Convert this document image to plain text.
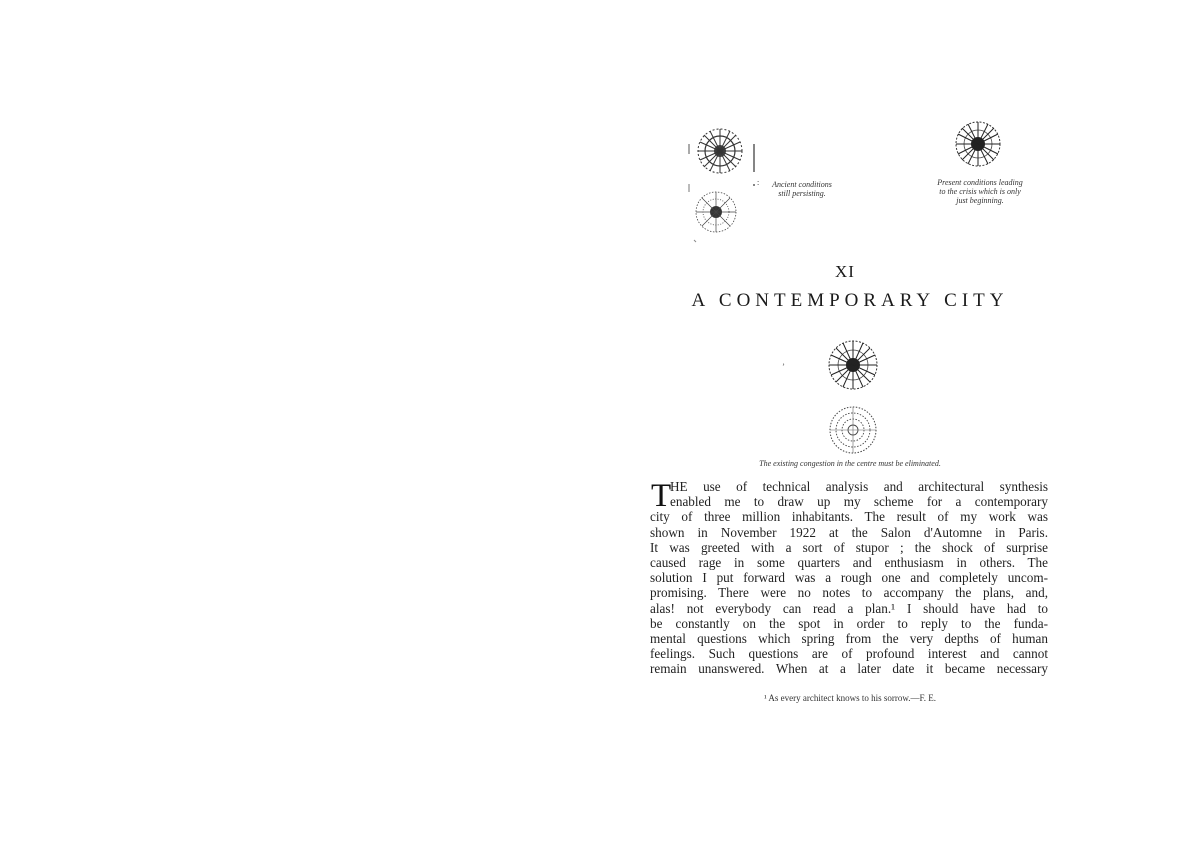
Ancient conditions
still persisting.
:	Present conditions leading
to the crisis which is only
just beginning.
XI
A CONTEMPORARY CITY
’
The existing congestion in the centre must be eliminated.
T
HE use of technical analysis and architectural synthesis
enabled me to draw up my scheme for a contemporary
city of three million inhabitants. The result of my work was
shown in November 1922 at the Salon d'Automne in Paris.
It was greeted with a sort of stupor ; the shock of surprise
caused rage in some quarters and enthusiasm in others. The
solution I put forward was a rough one and completely uncom-
promising. There were no notes to accompany the plans, and,
alas! not everybody can read a plan.¹ I should have had to
be constantly on the spot in order to reply to the funda-
mental questions which spring from the very depths of human
feelings. Such questions are of profound interest and cannot
remain unanswered. When at a later date it became necessary
¹ As every architect knows to his sorrow.—F. E.
